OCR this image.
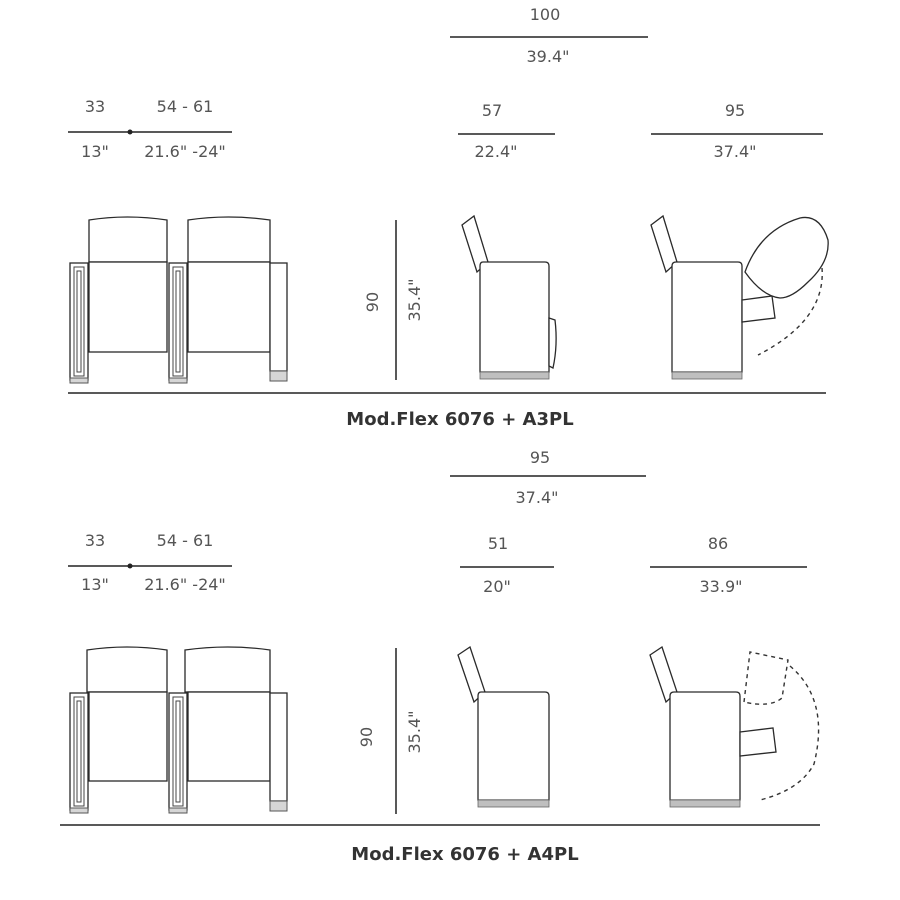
100
39.4"
33	54 - 61
13" 21.6" -24"
57
22.4"
95
37.4"
90 35.4"
Mod.Flex 6076 + A3PL
95
37.4"
33	54 - 61
13" 21.6" -24"
51
20"
86
33.9"
90 35.4"
Mod.Flex 6076 + A4PL
